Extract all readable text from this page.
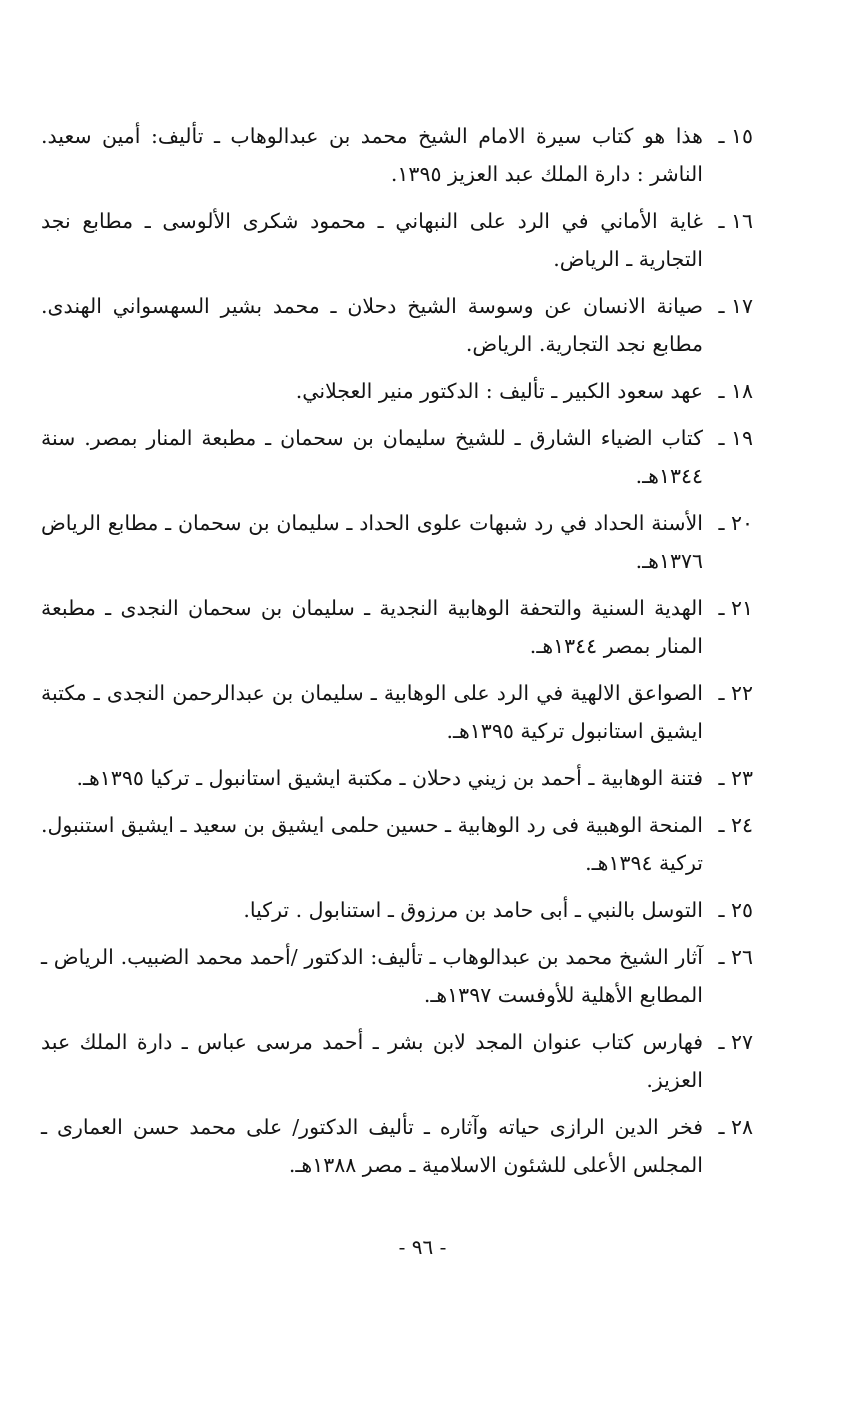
١٥ ـ
هذا هو كتاب سيرة الامام الشيخ محمد بن عبدالوهاب ـ تأليف: أمين سعيد. الناشر : دارة الملك عبد العزيز ١٣٩٥.
١٦ ـ
غاية الأماني في الرد على النبهاني ـ محمود شكرى الألوسى ـ مطابع نجد التجارية ـ الرياض.
١٧ ـ
صيانة الانسان عن وسوسة الشيخ دحلان ـ محمد بشير السهسواني الهندى. مطابع نجد التجارية. الرياض.
١٨ ـ
عهد سعود الكبير ـ تأليف : الدكتور منير العجلاني.
١٩ ـ
كتاب الضياء الشارق ـ للشيخ سليمان بن سحمان ـ مطبعة المنار بمصر. سنة ١٣٤٤هـ.
٢٠ ـ
الأسنة الحداد في رد شبهات علوى الحداد ـ سليمان بن سحمان ـ مطابع الرياض ١٣٧٦هـ.
٢١ ـ
الهدية السنية والتحفة الوهابية النجدية ـ سليمان بن سحمان النجدى ـ مطبعة المنار بمصر ١٣٤٤هـ.
٢٢ ـ
الصواعق الالهية في الرد على الوهابية ـ سليمان بن عبدالرحمن النجدى ـ مكتبة ايشيق استانبول تركية ١٣٩٥هـ.
٢٣ ـ
فتنة الوهابية ـ أحمد بن زيني دحلان ـ مكتبة ايشيق استانبول ـ تركيا ١٣٩٥هـ.
٢٤ ـ
المنحة الوهبية فى رد الوهابية ـ حسين حلمى ايشيق بن سعيد ـ ايشيق استنبول. تركية ١٣٩٤هـ.
٢٥ ـ
التوسل بالنبي ـ أبى حامد بن مرزوق ـ استنابول . تركيا.
٢٦ ـ
آثار الشيخ محمد بن عبدالوهاب ـ تأليف: الدكتور /أحمد محمد الضبيب. الرياض ـ المطابع الأهلية للأوفست ١٣٩٧هـ.
٢٧ ـ
فهارس كتاب عنوان المجد لابن بشر ـ أحمد مرسى عباس ـ دارة الملك عبد العزيز.
٢٨ ـ
فخر الدين الرازى حياته وآثاره ـ تأليف الدكتور/ على محمد حسن العمارى ـ المجلس الأعلى للشئون الاسلامية ـ مصر ١٣٨٨هـ.
- ٩٦ -
